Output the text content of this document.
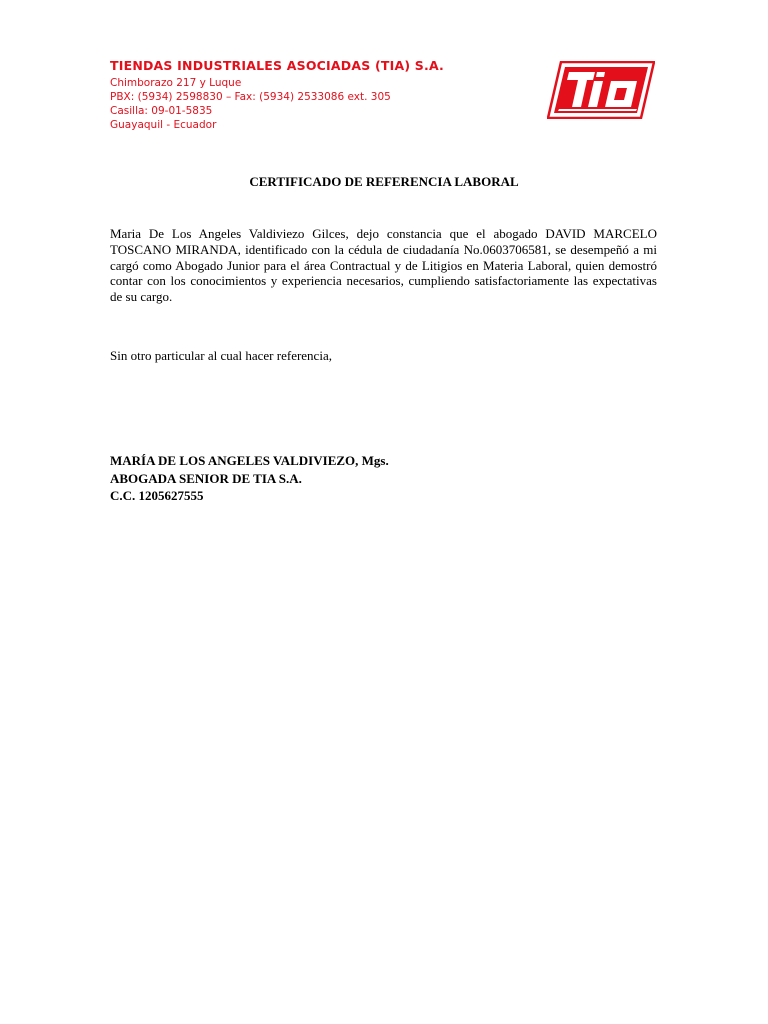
TIENDAS INDUSTRIALES ASOCIADAS (TIA) S.A.
Chimborazo 217 y Luque
PBX: (5934) 2598830 – Fax: (5934) 2533086 ext. 305
Casilla: 09-01-5835
Guayaquil - Ecuador
CERTIFICADO DE REFERENCIA LABORAL

Maria De Los Angeles Valdiviezo Gilces, dejo constancia que el abogado DAVID MARCELO TOSCANO MIRANDA, identificado con la cédula de ciudadanía No.0603706581, se desempeñó a mi cargó como Abogado Junior para el área Contractual y de Litigios en Materia Laboral, quien demostró contar con los conocimientos y experiencia necesarios, cumpliendo satisfactoriamente las expectativas de su cargo.

Sin otro particular al cual hacer referencia,

MARÍA DE LOS ANGELES VALDIVIEZO, Mgs.
ABOGADA SENIOR DE TIA S.A.
C.C. 1205627555
